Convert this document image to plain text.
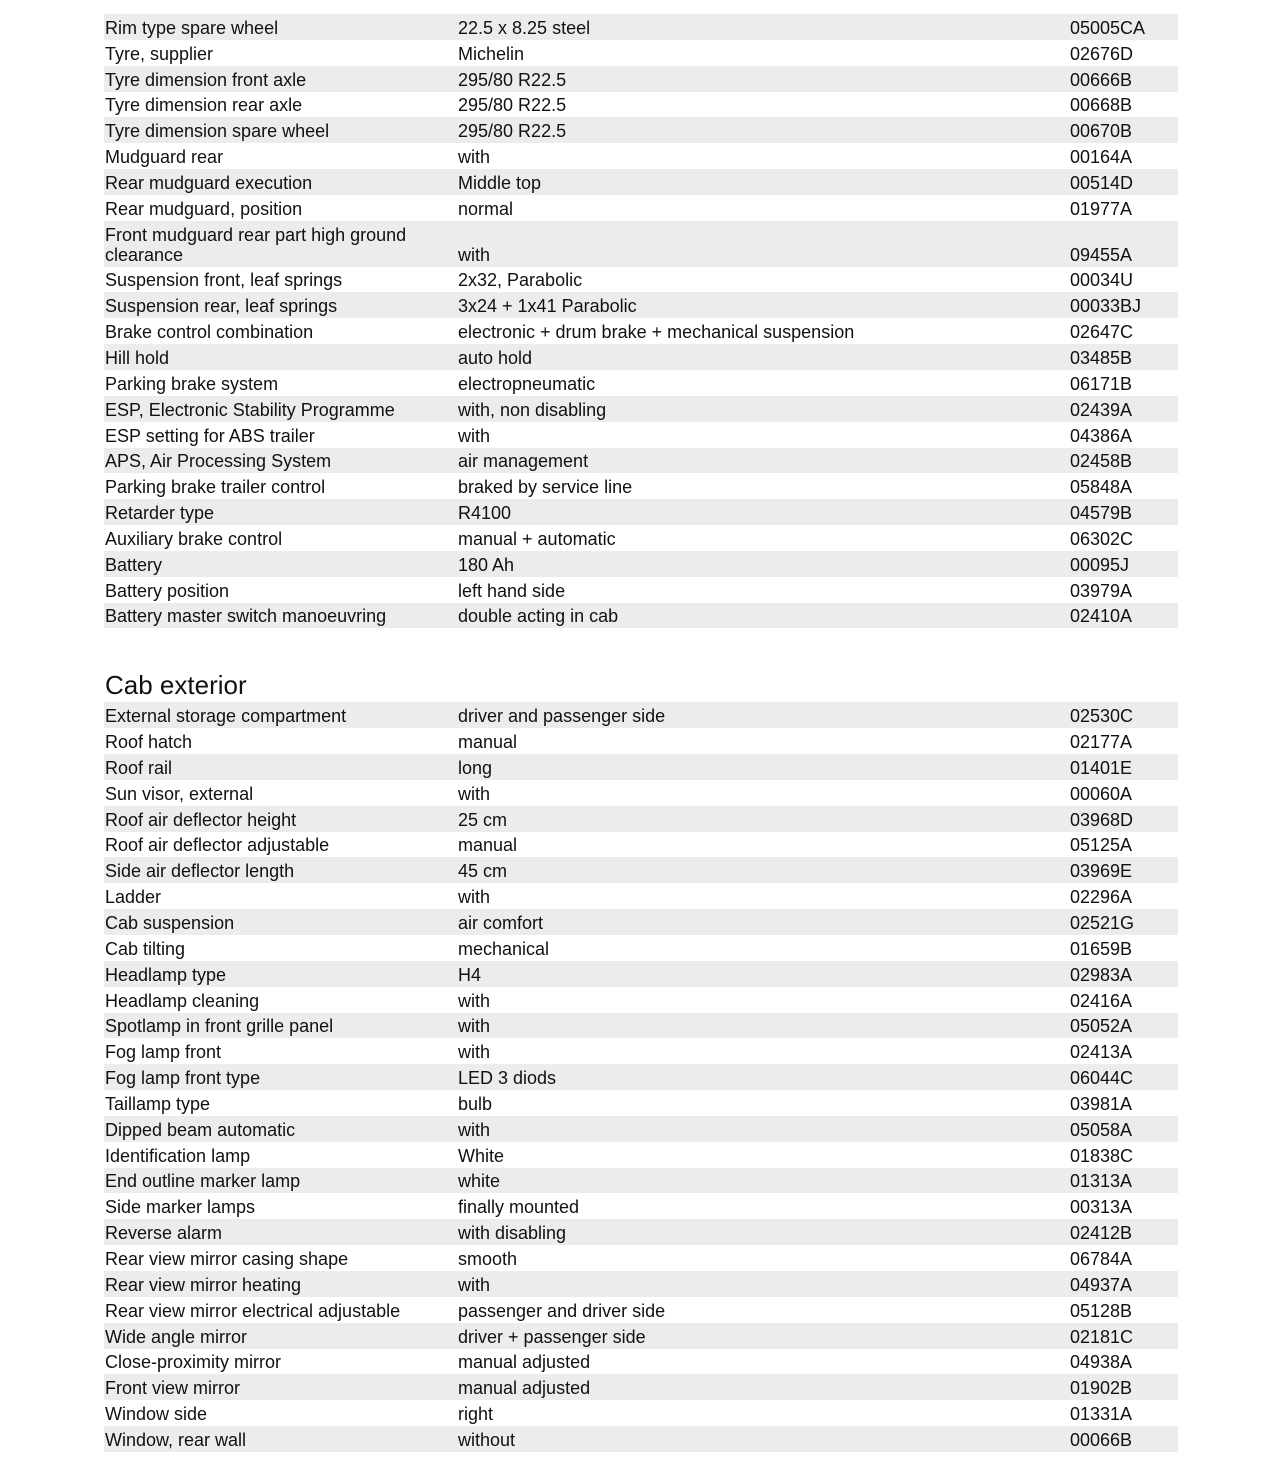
Rim type spare wheel	22.5 x 8.25 steel	05005CA
Tyre, supplier	Michelin	02676D
Tyre dimension front axle	295/80 R22.5	00666B
Tyre dimension rear axle	295/80 R22.5	00668B
Tyre dimension spare wheel	295/80 R22.5	00670B
Mudguard rear	with	00164A
Rear mudguard execution	Middle top	00514D
Rear mudguard, position	normal	01977A
Front mudguard rear part high ground clearance	with	09455A
Suspension front, leaf springs	2x32, Parabolic	00034U
Suspension rear, leaf springs	3x24 + 1x41 Parabolic	00033BJ
Brake control combination	electronic + drum brake + mechanical suspension	02647C
Hill hold	auto hold	03485B
Parking brake system	electropneumatic	06171B
ESP, Electronic Stability Programme	with, non disabling	02439A
ESP setting for ABS trailer	with	04386A
APS, Air Processing System	air management	02458B
Parking brake trailer control	braked by service line	05848A
Retarder type	R4100	04579B
Auxiliary brake control	manual + automatic	06302C
Battery	180 Ah	00095J
Battery position	left hand side	03979A
Battery master switch manoeuvring	double acting in cab	02410A
Cab exterior
External storage compartment	driver and passenger side	02530C
Roof hatch	manual	02177A
Roof rail	long	01401E
Sun visor, external	with	00060A
Roof air deflector height	25 cm	03968D
Roof air deflector adjustable	manual	05125A
Side air deflector length	45 cm	03969E
Ladder	with	02296A
Cab suspension	air comfort	02521G
Cab tilting	mechanical	01659B
Headlamp type	H4	02983A
Headlamp cleaning	with	02416A
Spotlamp in front grille panel	with	05052A
Fog lamp front	with	02413A
Fog lamp front type	LED 3 diods	06044C
Taillamp type	bulb	03981A
Dipped beam automatic	with	05058A
Identification lamp	White	01838C
End outline marker lamp	white	01313A
Side marker lamps	finally mounted	00313A
Reverse alarm	with disabling	02412B
Rear view mirror casing shape	smooth	06784A
Rear view mirror heating	with	04937A
Rear view mirror electrical adjustable	passenger and driver side	05128B
Wide angle mirror	driver + passenger side	02181C
Close-proximity mirror	manual adjusted	04938A
Front view mirror	manual adjusted	01902B
Window side	right	01331A
Window, rear wall	without	00066B
